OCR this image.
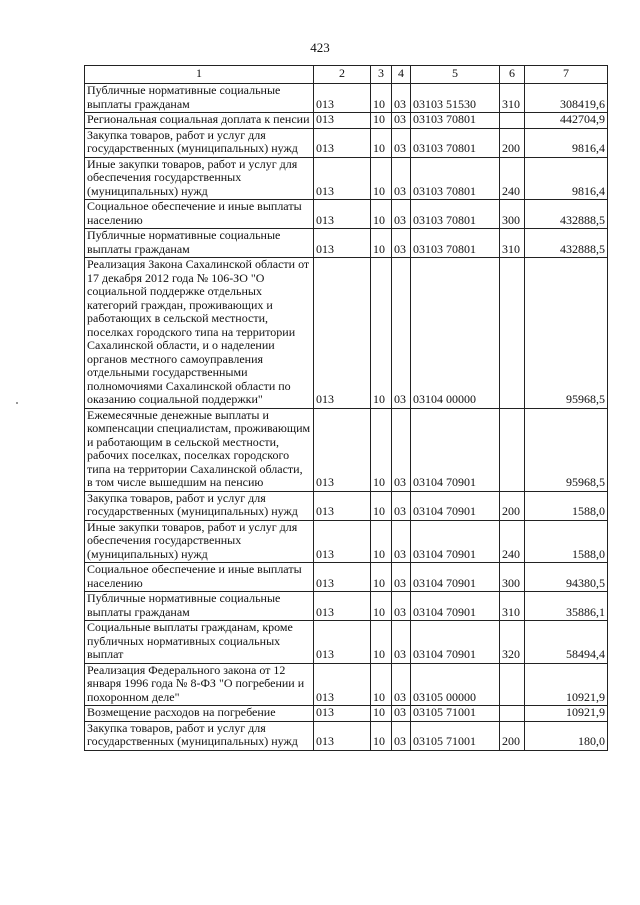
423
1	2	3	4	5	6	7
Публичные нормативные социальные выплаты гражданам	013	10	03	03103 51530	310	308419,6
Региональная социальная доплата к пенсии	013	10	03	03103 70801		442704,9
Закупка товаров, работ и услуг для государственных (муниципальных) нужд	013	10	03	03103 70801	200	9816,4
Иные закупки товаров, работ и услуг для обеспечения государственных (муниципальных) нужд	013	10	03	03103 70801	240	9816,4
Социальное обеспечение и иные выплаты населению	013	10	03	03103 70801	300	432888,5
Публичные нормативные социальные выплаты гражданам	013	10	03	03103 70801	310	432888,5
Реализация Закона Сахалинской области от 17 декабря 2012 года № 106-ЗО "О социальной поддержке отдельных категорий граждан, проживающих и работающих в сельской местности, поселках городского типа на территории Сахалинской области, и о наделении органов местного самоуправления отдельными государственными полномочиями Сахалинской области по оказанию социальной поддержки"	013	10	03	03104 00000		95968,5
Ежемесячные денежные выплаты и компенсации специалистам, проживающим и работающим в сельской местности, рабочих поселках, поселках городского типа на территории Сахалинской области, в том числе вышедшим на пенсию	013	10	03	03104 70901		95968,5
Закупка товаров, работ и услуг для государственных (муниципальных) нужд	013	10	03	03104 70901	200	1588,0
Иные закупки товаров, работ и услуг для обеспечения государственных (муниципальных) нужд	013	10	03	03104 70901	240	1588,0
Социальное обеспечение и иные выплаты населению	013	10	03	03104 70901	300	94380,5
Публичные нормативные социальные выплаты гражданам	013	10	03	03104 70901	310	35886,1
Социальные выплаты гражданам, кроме публичных нормативных социальных выплат	013	10	03	03104 70901	320	58494,4
Реализация Федерального закона от 12 января 1996 года № 8-ФЗ "О погребении и похоронном деле"	013	10	03	03105 00000		10921,9
Возмещение расходов на погребение	013	10	03	03105 71001		10921,9
Закупка товаров, работ и услуг для государственных (муниципальных) нужд	013	10	03	03105 71001	200	180,0
